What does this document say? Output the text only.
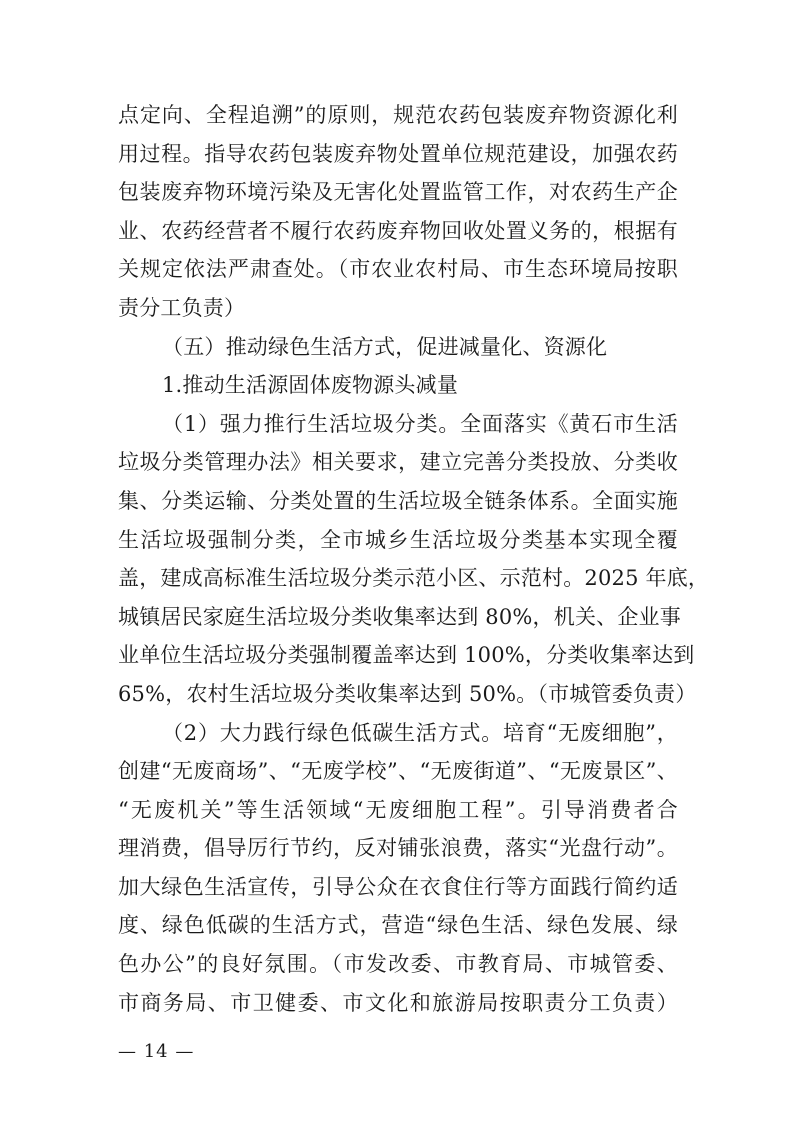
点定向、全程追溯”的原则，规范农药包装废弃物资源化利
用过程。指导农药包装废弃物处置单位规范建设，加强农药
包装废弃物环境污染及无害化处置监管工作，对农药生产企
业、农药经营者不履行农药废弃物回收处置义务的，根据有
关规定依法严肃查处。（市农业农村局、市生态环境局按职
责分工负责）
（五）推动绿色生活方式，促进减量化、资源化
1.推动生活源固体废物源头减量
（1）强力推行生活垃圾分类。全面落实《黄石市生活
垃圾分类管理办法》相关要求，建立完善分类投放、分类收
集、分类运输、分类处置的生活垃圾全链条体系。全面实施
生活垃圾强制分类，全市城乡生活垃圾分类基本实现全覆
盖，建成高标准生活垃圾分类示范小区、示范村。2025 年底，
城镇居民家庭生活垃圾分类收集率达到 80%，机关、企业事
业单位生活垃圾分类强制覆盖率达到 100%，分类收集率达到
65%，农村生活垃圾分类收集率达到 50%。（市城管委负责）
（2）大力践行绿色低碳生活方式。培育“无废细胞”，
创建“无废商场”、“无废学校”、“无废街道”、“无废景区”、
“无废机关”等生活领域“无废细胞工程”。引导消费者合
理消费，倡导厉行节约，反对铺张浪费，落实“光盘行动”。
加大绿色生活宣传，引导公众在衣食住行等方面践行简约适
度、绿色低碳的生活方式，营造“绿色生活、绿色发展、绿
色办公”的良好氛围。（市发改委、市教育局、市城管委、
市商务局、市卫健委、市文化和旅游局按职责分工负责）
— 14 —
